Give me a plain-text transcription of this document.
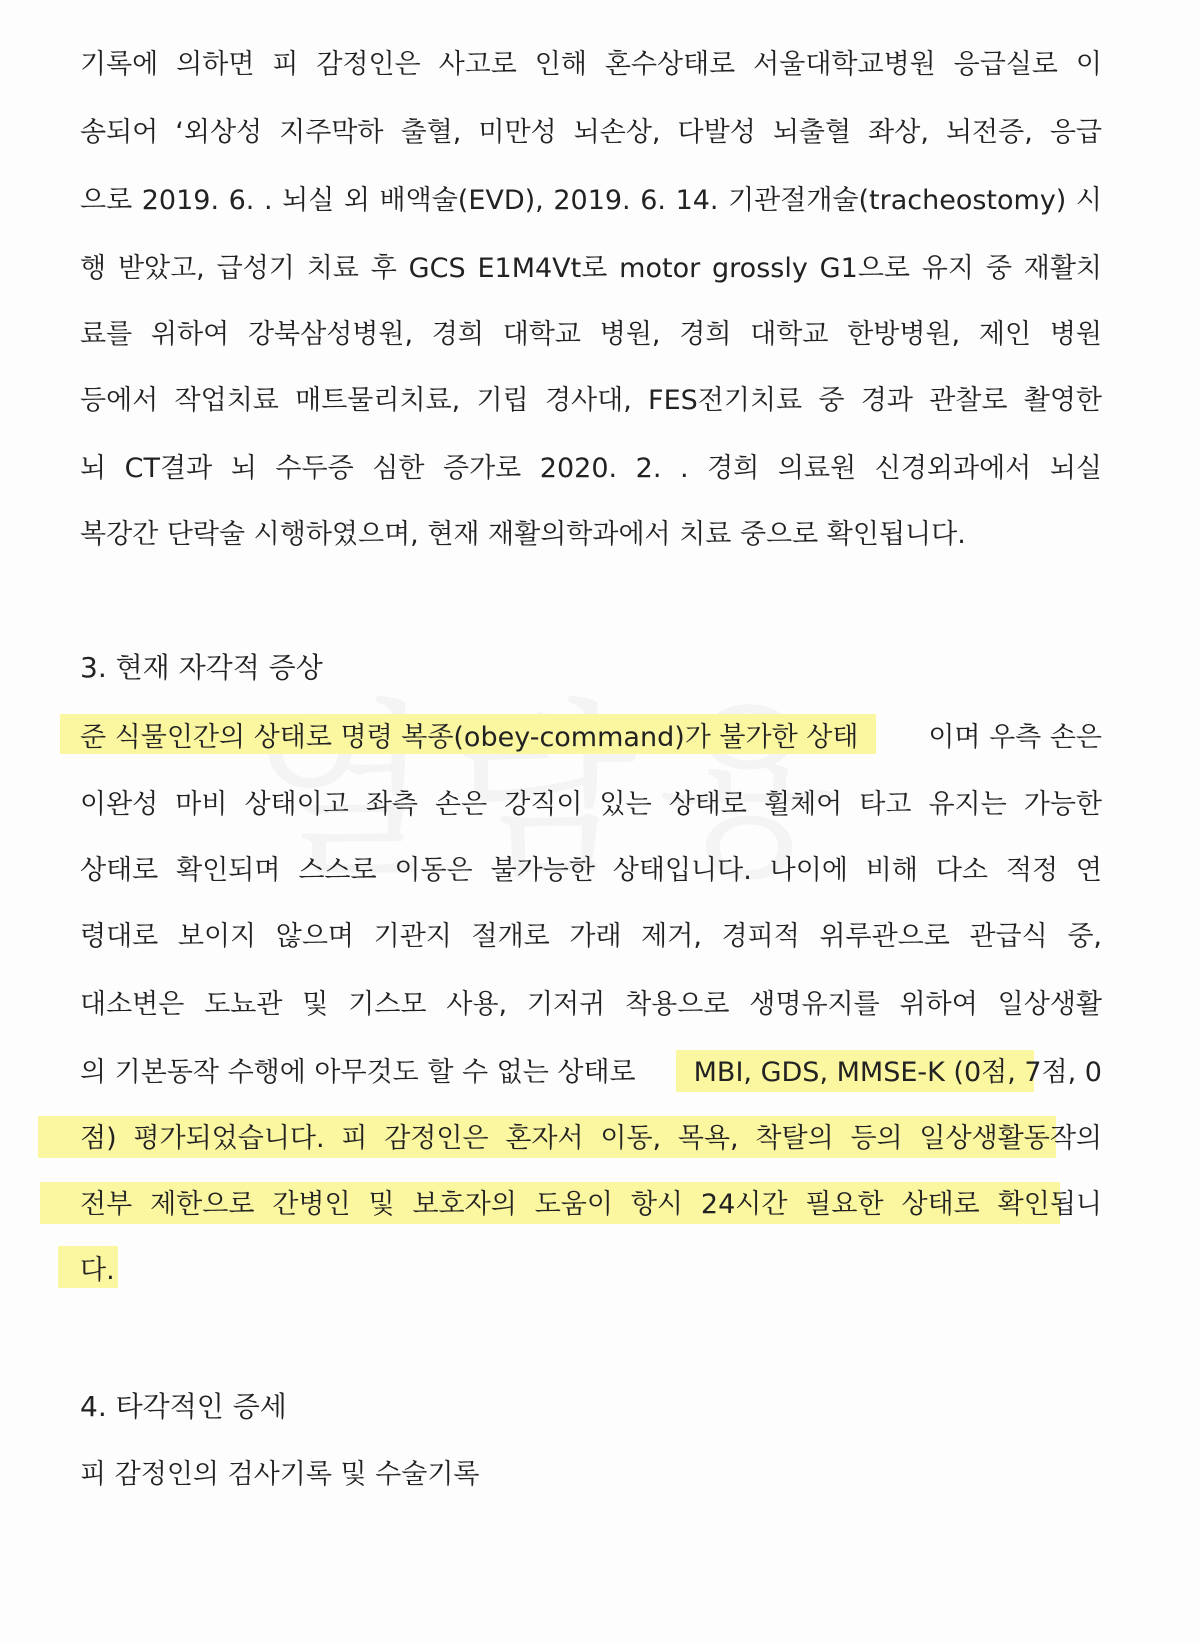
기록에 의하면 피 감정인은 사고로 인해 혼수상태로 서울대학교병원 응급실로 이
송되어 ‘외상성 지주막하 출혈, 미만성 뇌손상, 다발성 뇌출혈 좌상, 뇌전증, 응급
으로 2019. 6. . 뇌실 외 배액술(EVD), 2019. 6. 14. 기관절개술(tracheostomy) 시
행 받았고, 급성기 치료 후 GCS E1M4Vt로 motor grossly G1으로 유지 중 재활치
료를 위하여 강북삼성병원, 경희 대학교 병원, 경희 대학교 한방병원, 제인 병원
등에서 작업치료 매트물리치료, 기립 경사대, FES전기치료 중 경과 관찰로 촬영한
뇌 CT결과 뇌 수두증 심한 증가로 2020. 2. . 경희 의료원 신경외과에서 뇌실
복강간 단락술 시행하였으며, 현재 재활의학과에서 치료 중으로 확인됩니다.
3. 현재 자각적 증상
준 식물인간의 상태로 명령 복종(obey-command)가 불가한 상태	이며 우측 손은
이완성 마비 상태이고 좌측 손은 강직이 있는 상태로 휠체어 타고 유지는 가능한
상태로 확인되며 스스로 이동은 불가능한 상태입니다. 나이에 비해 다소 적정 연
령대로 보이지 않으며 기관지 절개로 가래 제거, 경피적 위루관으로 관급식 중,
대소변은 도뇨관 및 기스모 사용, 기저귀 착용으로 생명유지를 위하여 일상생활
의 기본동작 수행에 아무것도 할 수 없는 상태로 MBI, GDS, MMSE-K (0점, 7점, 0
점) 평가되었습니다. 피 감정인은 혼자서 이동, 목욕, 착탈의 등의 일상생활동작의
전부 제한으로 간병인 및 보호자의 도움이 항시 24시간 필요한 상태로 확인됩니
다.
4. 타각적인 증세
피 감정인의 검사기록 및 수술기록
